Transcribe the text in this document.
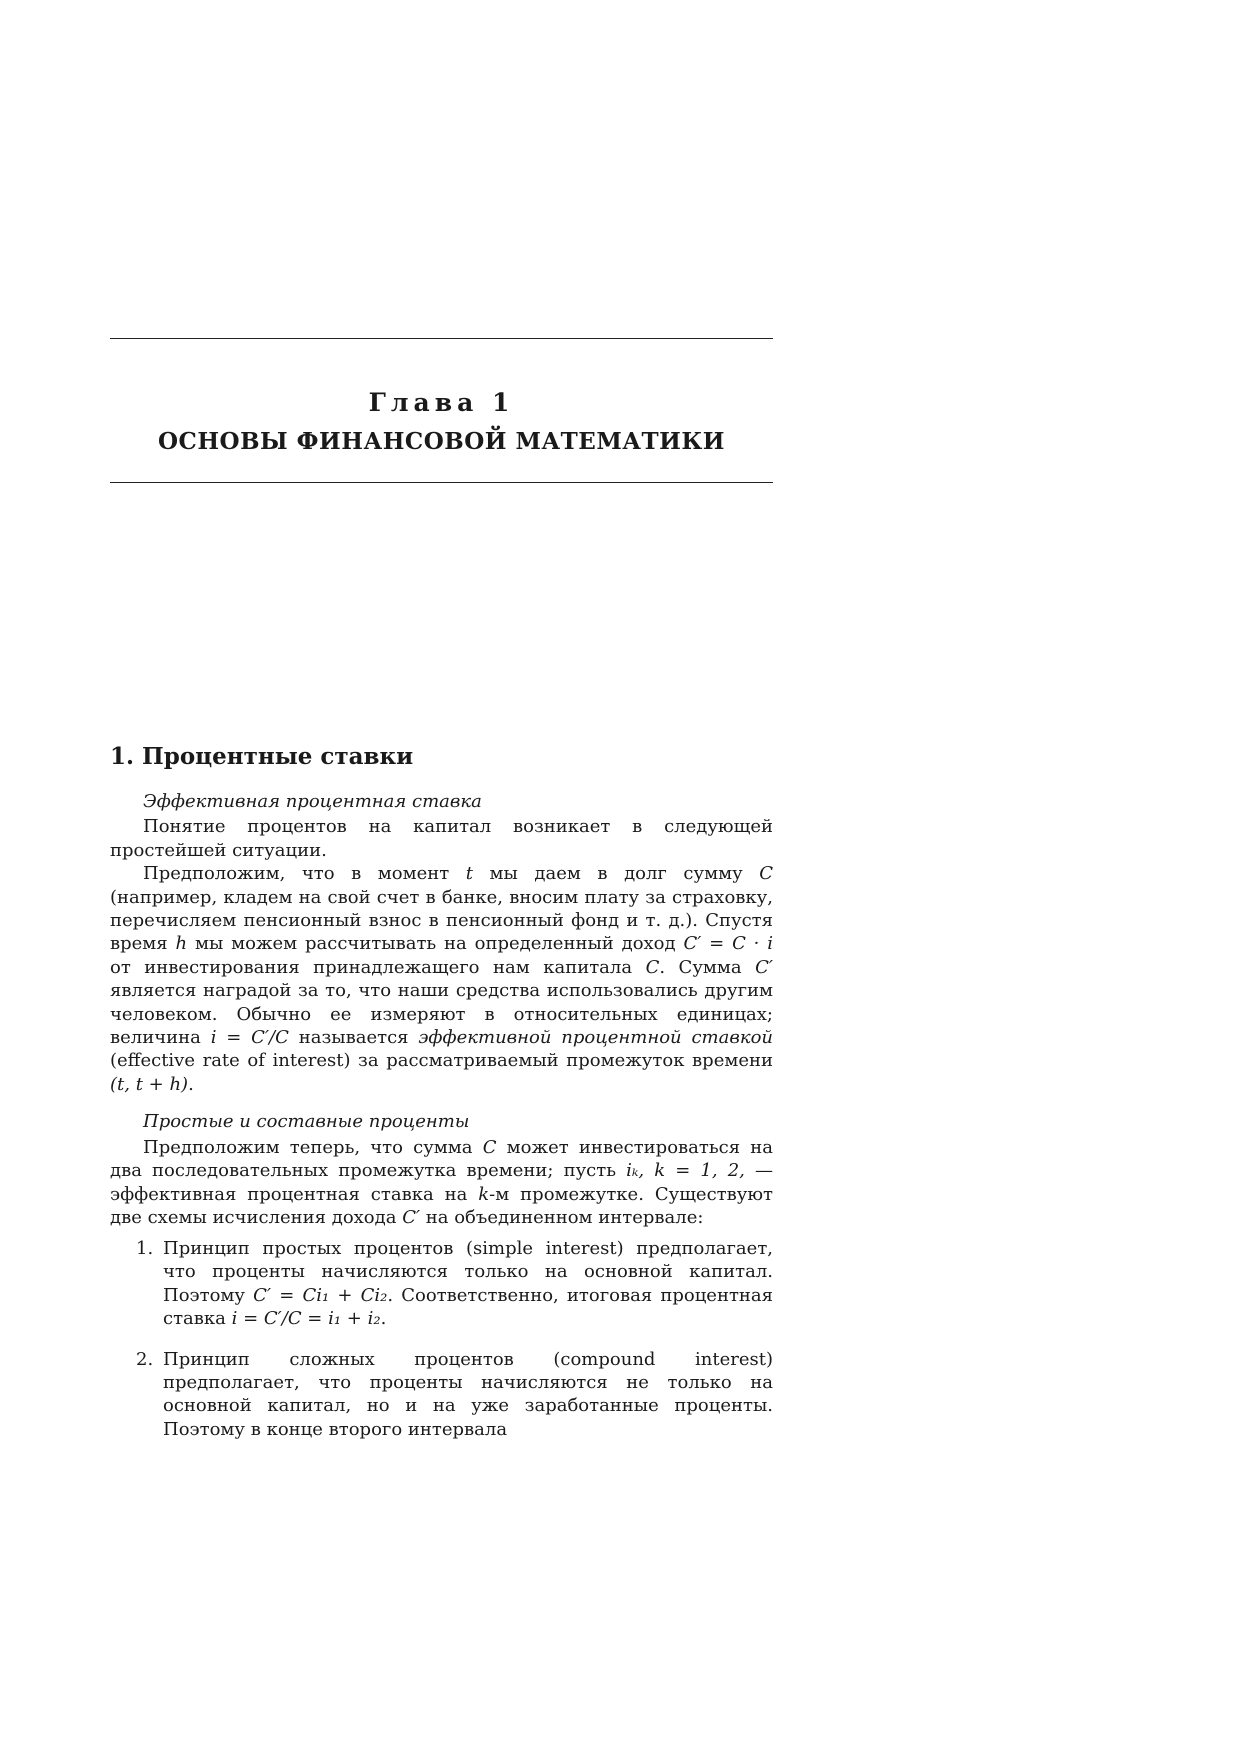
Глава 1
ОСНОВЫ ФИНАНСОВОЙ МАТЕМАТИКИ
1. Процентные ставки

Эффективная процентная ставка

Понятие процентов на капитал возникает в следующей простейшей ситуации.

Предположим, что в момент t мы даем в долг сумму C (например, кладем на свой счет в банке, вносим плату за страховку, перечисляем пенсионный взнос в пенсионный фонд и т. д.). Спустя время h мы можем рассчитывать на определенный доход C′ = C · i от инвестирования принадлежащего нам капитала C. Сумма C′ является наградой за то, что наши средства использовались другим человеком. Обычно ее измеряют в относительных единицах; величина i = C′/C называется эффективной процентной ставкой (effective rate of interest) за рассматриваемый промежуток времени (t, t + h).

Простые и составные проценты

Предположим теперь, что сумма C может инвестироваться на два последовательных промежутка времени; пусть iₖ, k = 1, 2, — эффективная процентная ставка на k-м промежутке. Существуют две схемы исчисления дохода C′ на объединенном интервале:

1. Принцип простых процентов (simple interest) предполагает, что проценты начисляются только на основной капитал. Поэтому C′ = Ci₁ + Ci₂. Соответственно, итоговая процентная ставка i = C′/C = i₁ + i₂.
2. Принцип сложных процентов (compound interest) предполагает, что проценты начисляются не только на основной капитал, но и на уже заработанные проценты. Поэтому в конце второго интервала
